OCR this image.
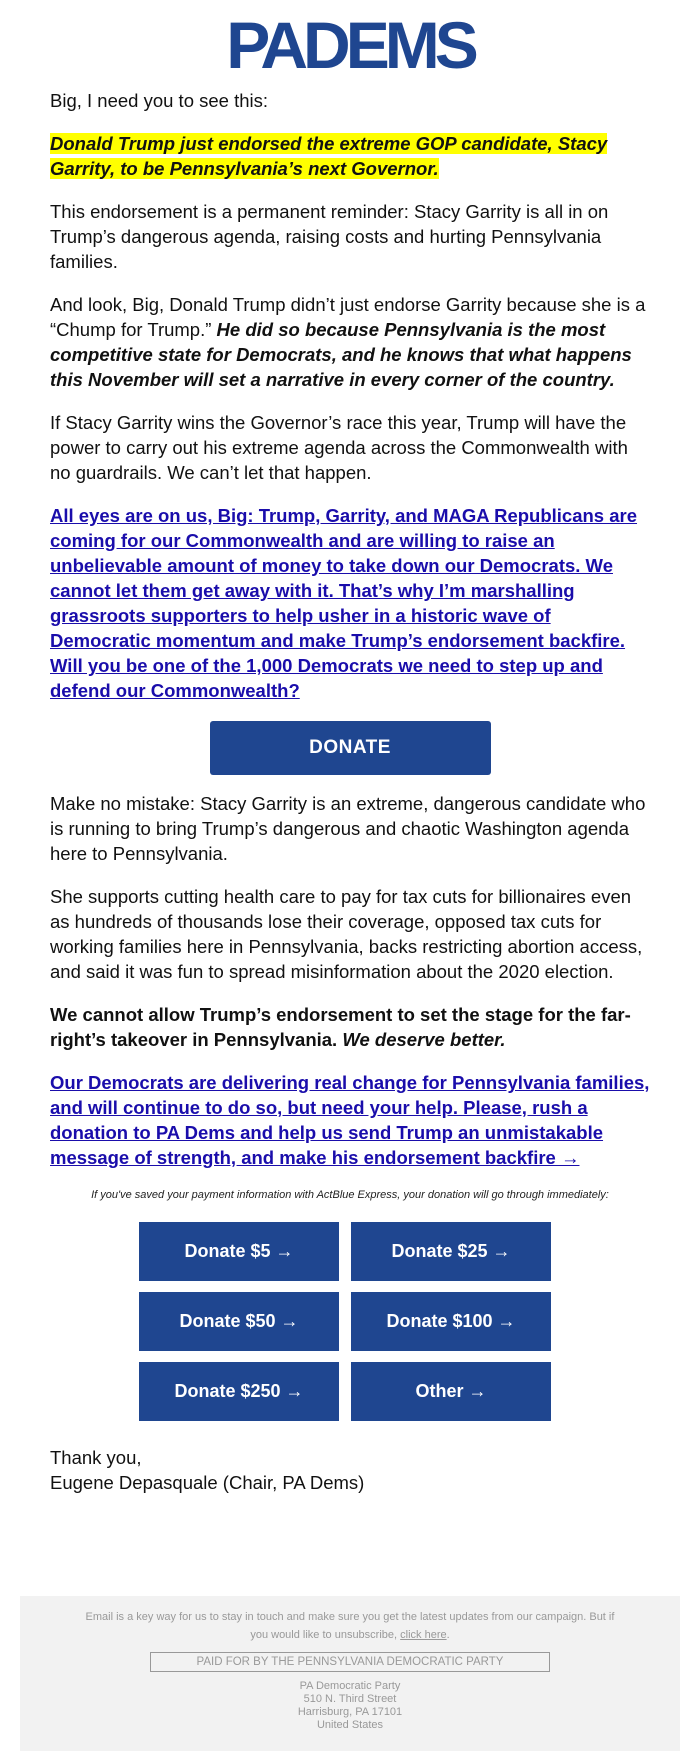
PADEMS

Big, I need you to see this:

Donald Trump just endorsed the extreme GOP candidate, Stacy Garrity, to be Pennsylvania’s next Governor.

This endorsement is a permanent reminder: Stacy Garrity is all in on Trump’s dangerous agenda, raising costs and hurting Pennsylvania families.

And look, Big, Donald Trump didn’t just endorse Garrity because she is a “Chump for Trump.” He did so because Pennsylvania is the most competitive state for Democrats, and he knows that what happens this November will set a narrative in every corner of the country.

If Stacy Garrity wins the Governor’s race this year, Trump will have the power to carry out his extreme agenda across the Commonwealth with no guardrails. We can’t let that happen.

All eyes are on us, Big: Trump, Garrity, and MAGA Republicans are coming for our Commonwealth and are willing to raise an unbelievable amount of money to take down our Democrats. We cannot let them get away with it. That’s why I’m marshalling grassroots supporters to help usher in a historic wave of Democratic momentum and make Trump’s endorsement backfire. Will you be one of the 1,000 Democrats we need to step up and defend our Commonwealth?

DONATE

Make no mistake: Stacy Garrity is an extreme, dangerous candidate who is running to bring Trump’s dangerous and chaotic Washington agenda here to Pennsylvania.

She supports cutting health care to pay for tax cuts for billionaires even as hundreds of thousands lose their coverage, opposed tax cuts for working families here in Pennsylvania, backs restricting abortion access, and said it was fun to spread misinformation about the 2020 election.

We cannot allow Trump’s endorsement to set the stage for the far-right’s takeover in Pennsylvania. We deserve better.

Our Democrats are delivering real change for Pennsylvania families, and will continue to do so, but need your help. Please, rush a donation to PA Dems and help us send Trump an unmistakable message of strength, and make his endorsement backfire →

If you've saved your payment information with ActBlue Express, your donation will go through immediately:
Donate $5 →	Donate $25 →
Donate $50 →	Donate $100 →
Donate $250 →	Other →
Thank you,
Eugene Depasquale (Chair, PA Dems)
Email is a key way for us to stay in touch and make sure you get the latest updates from our campaign. But if you would like to unsubscribe, click here.
PAID FOR BY THE PENNSYLVANIA DEMOCRATIC PARTY
PA Democratic Party
510 N. Third Street
Harrisburg, PA 17101
United States
